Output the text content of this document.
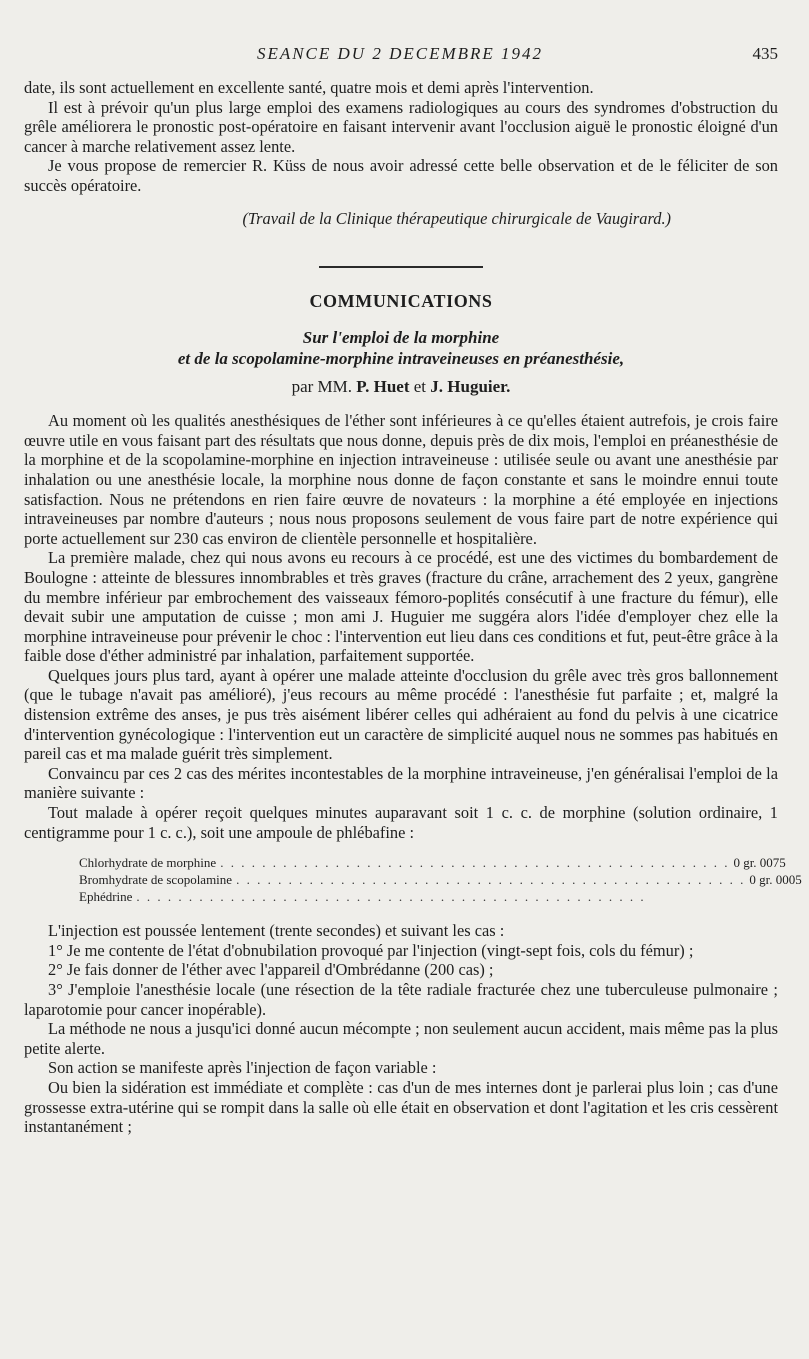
SEANCE DU 2 DECEMBRE 1942	435

date, ils sont actuellement en excellente santé, quatre mois et demi après l'intervention.

Il est à prévoir qu'un plus large emploi des examens radiologiques au cours des syndromes d'obstruction du grêle améliorera le pronostic post-opératoire en faisant intervenir avant l'occlusion aiguë le pronostic éloigné d'un cancer à marche relativement assez lente.

Je vous propose de remercier R. Küss de nous avoir adressé cette belle observation et de le féliciter de son succès opératoire.

(Travail de la Clinique thérapeutique chirurgicale de Vaugirard.)

COMMUNICATIONS
Sur l'emploi de la morphine
et de la scopolamine-morphine intraveineuses en préanesthésie,
par MM. P. Huet et J. Huguier.

Au moment où les qualités anesthésiques de l'éther sont inférieures à ce qu'elles étaient autrefois, je crois faire œuvre utile en vous faisant part des résultats que nous donne, depuis près de dix mois, l'emploi en préanesthésie de la morphine et de la scopolamine-morphine en injection intraveineuse : utilisée seule ou avant une anesthésie par inhalation ou une anesthésie locale, la morphine nous donne de façon constante et sans le moindre ennui toute satisfaction. Nous ne prétendons en rien faire œuvre de novateurs : la morphine a été employée en injections intraveineuses par nombre d'auteurs ; nous nous proposons seulement de vous faire part de notre expérience qui porte actuellement sur 230 cas environ de clientèle personnelle et hospitalière.

La première malade, chez qui nous avons eu recours à ce procédé, est une des victimes du bombardement de Boulogne : atteinte de blessures innombrables et très graves (fracture du crâne, arrachement des 2 yeux, gangrène du membre inférieur par embrochement des vaisseaux fémoro-poplités consécutif à une fracture du fémur), elle devait subir une amputation de cuisse ; mon ami J. Huguier me suggéra alors l'idée d'employer chez elle la morphine intraveineuse pour prévenir le choc : l'intervention eut lieu dans ces conditions et fut, peut-être grâce à la faible dose d'éther administré par inhalation, parfaitement supportée.

Quelques jours plus tard, ayant à opérer une malade atteinte d'occlusion du grêle avec très gros ballonnement (que le tubage n'avait pas amélioré), j'eus recours au même procédé : l'anesthésie fut parfaite ; et, malgré la distension extrême des anses, je pus très aisément libérer celles qui adhéraient au fond du pelvis à une cicatrice d'intervention gynécologique : l'intervention eut un caractère de simplicité auquel nous ne sommes pas habitués en pareil cas et ma malade guérit très simplement.

Convaincu par ces 2 cas des mérites incontestables de la morphine intraveineuse, j'en généralisai l'emploi de la manière suivante :

Tout malade à opérer reçoit quelques minutes auparavant soit 1 c. c. de morphine (solution ordinaire, 1 centigramme pour 1 c. c.), soit une ampoule de phlébafine :

Chlorhydrate de morphine . . . . . . . . . . . . . . . . . . . . . . . . . . . . . . . . . . . . . . . . . . . . . . . . . 0 gr. 0075
Bromhydrate de scopolamine . . . . . . . . . . . . . . . . . . . . . . . . . . . . . . . . . . . . . . . . . . . . . . . . . 0 gr. 0005
Ephédrine . . . . . . . . . . . . . . . . . . . . . . . . . . . . . . . . . . . . . . . . . . . . . . . . .

L'injection est poussée lentement (trente secondes) et suivant les cas :

1° Je me contente de l'état d'obnubilation provoqué par l'injection (vingt-sept fois, cols du fémur) ;

2° Je fais donner de l'éther avec l'appareil d'Ombrédanne (200 cas) ;

3° J'emploie l'anesthésie locale (une résection de la tête radiale fracturée chez une tuberculeuse pulmonaire ; laparotomie pour cancer inopérable).

La méthode ne nous a jusqu'ici donné aucun mécompte ; non seulement aucun accident, mais même pas la plus petite alerte.

Son action se manifeste après l'injection de façon variable :

Ou bien la sidération est immédiate et complète : cas d'un de mes internes dont je parlerai plus loin ; cas d'une grossesse extra-utérine qui se rompit dans la salle où elle était en observation et dont l'agitation et les cris cessèrent instantanément ;
